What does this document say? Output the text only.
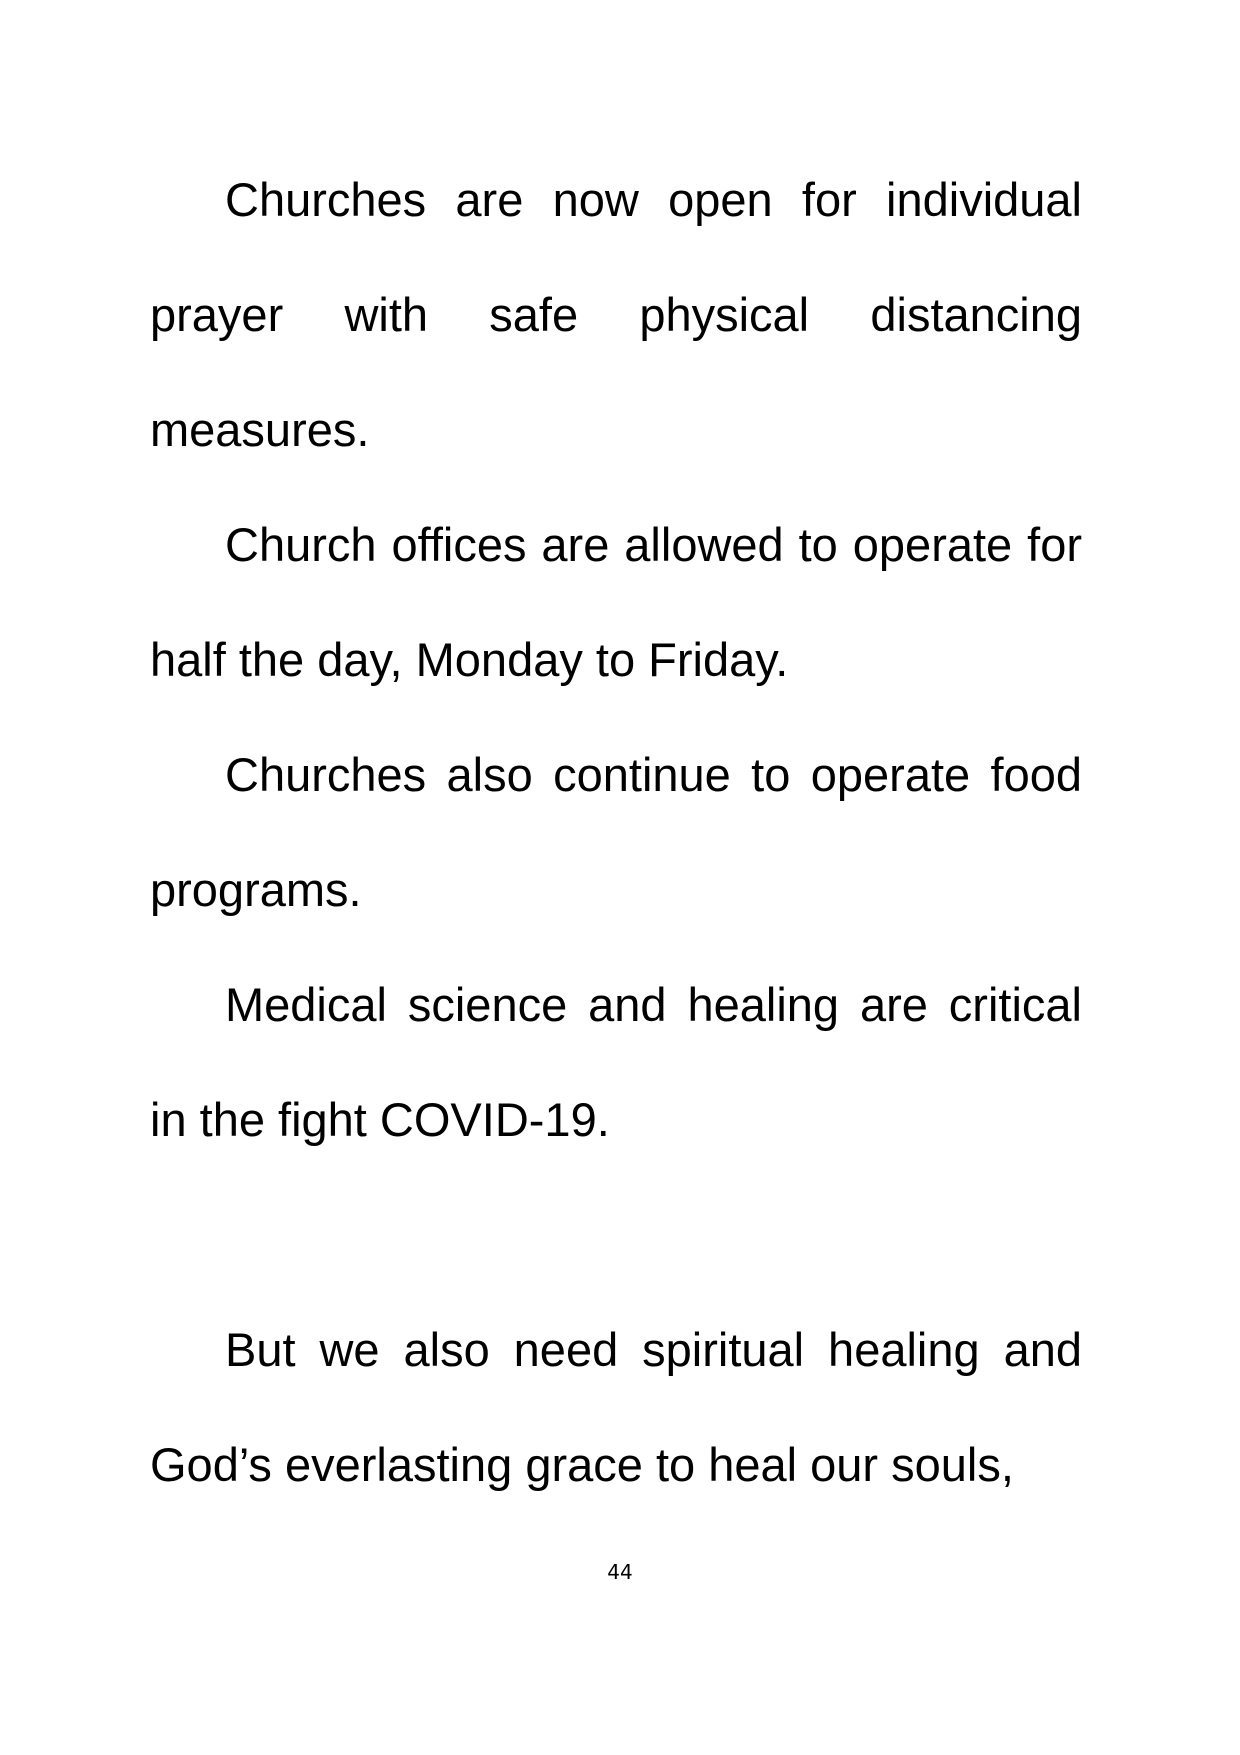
Churches are now open for individual prayer with safe physical distancing measures.

Church offices are allowed to operate for half the day, Monday to Friday.

Churches also continue to operate food programs.

Medical science and healing are critical in the fight COVID-19.

But we also need spiritual healing and God’s everlasting grace to heal our souls,

44
